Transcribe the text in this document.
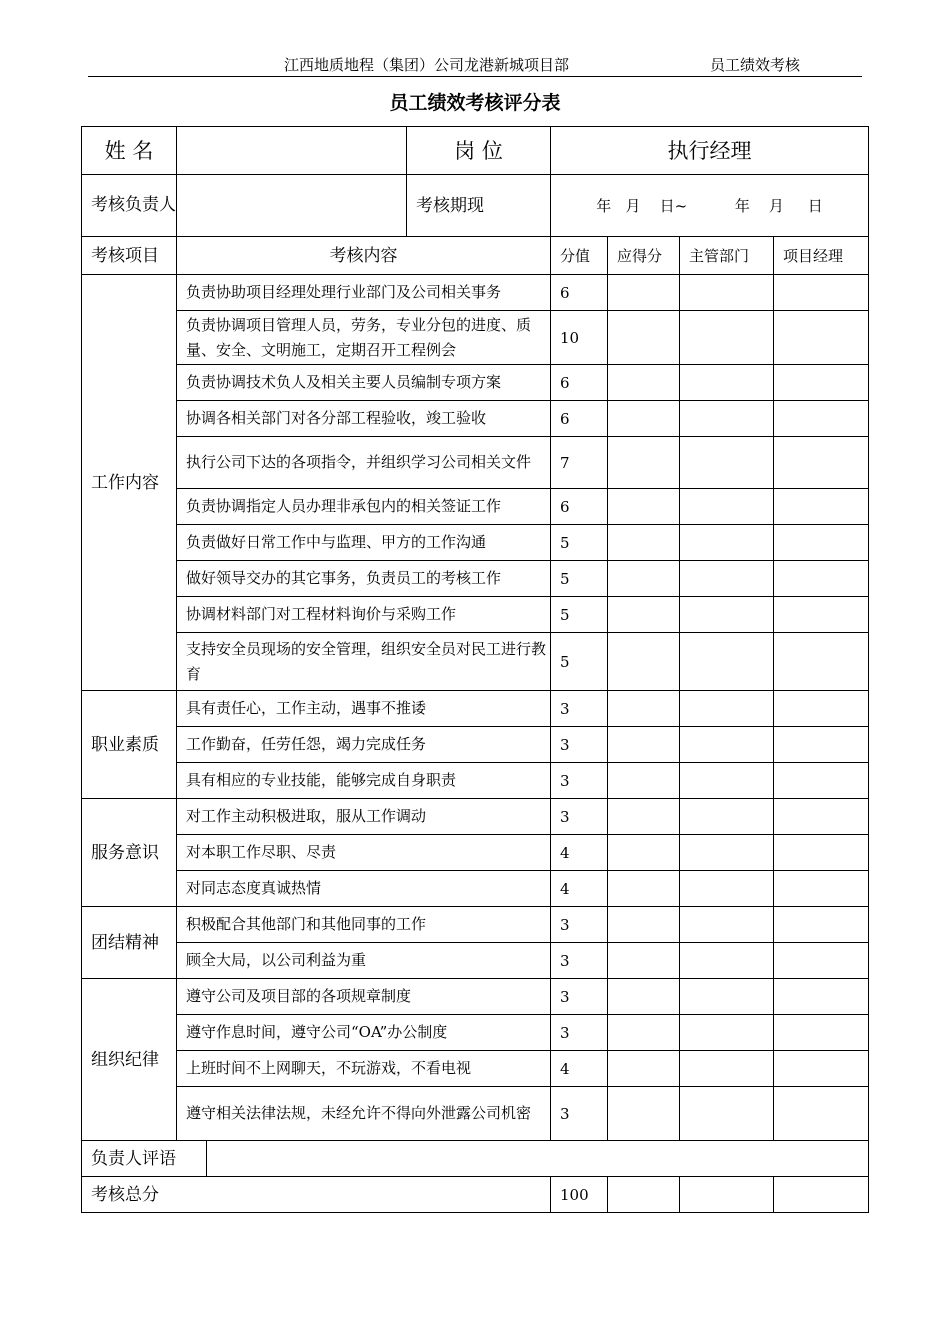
江西地质地程（集团）公司龙港新城项目部	员工绩效考核
员工绩效考核评分表
姓 名			岗 位	执行经理			
考核负责人			考核期现	年   月    日~          年    月     日			
考核项目	考核内容			分值	应得分	主管部门	项目经理
工作内容	负责协助项目经理处理行业部门及公司相关事务			6			
	负责协调项目管理人员，劳务，专业分包的进度、质量、安全、文明施工，定期召开工程例会			10			
	负责协调技术负人及相关主要人员编制专项方案			6			
	协调各相关部门对各分部工程验收，竣工验收			6			
	执行公司下达的各项指令，并组织学习公司相关文件			7			
	负责协调指定人员办理非承包内的相关签证工作			6			
	负责做好日常工作中与监理、甲方的工作沟通			5			
	做好领导交办的其它事务，负责员工的考核工作			5			
	协调材料部门对工程材料询价与采购工作			5			
	支持安全员现场的安全管理，组织安全员对民工进行教育			5			
职业素质	具有责任心，工作主动，遇事不推诿			3			
	工作勤奋，任劳任怨，竭力完成任务			3			
	具有相应的专业技能，能够完成自身职责			3			
服务意识	对工作主动积极进取，服从工作调动			3			
	对本职工作尽职、尽责			4			
	对同志态度真诚热情			4			
团结精神	积极配合其他部门和其他同事的工作			3			
	顾全大局，以公司利益为重			3			
组织纪律	遵守公司及项目部的各项规章制度			3			
	遵守作息时间，遵守公司“OA”办公制度			3			
	上班时间不上网聊天，不玩游戏，不看电视			4			
	遵守相关法律法规，未经允许不得向外泄露公司机密			3			
负责人评语							
考核总分				100			
